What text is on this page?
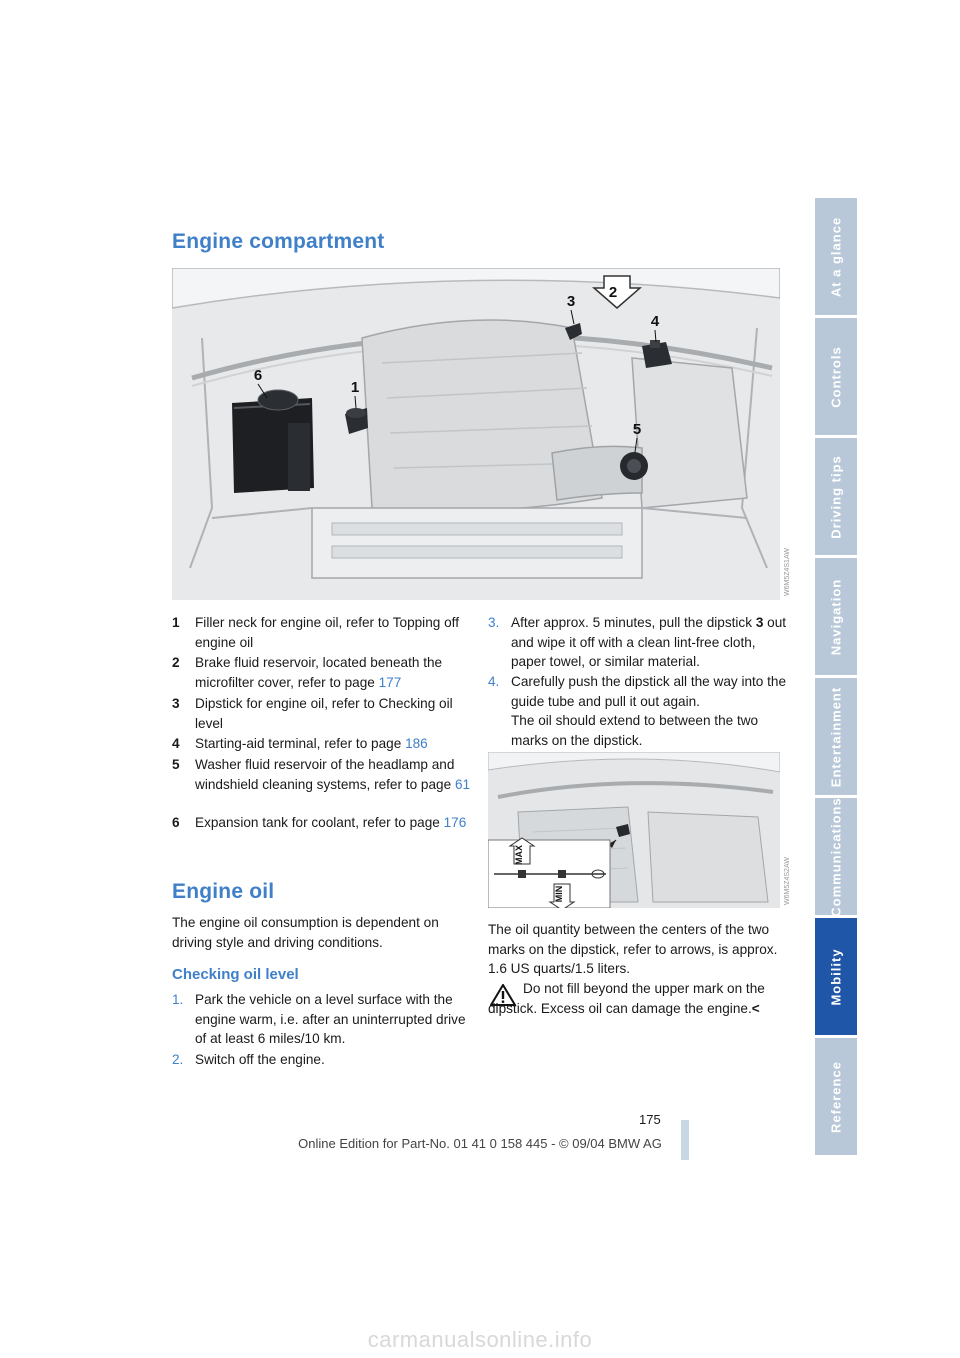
At a glance
Controls
Driving tips
Navigation
Entertainment
Communications
Mobility
Reference
Engine compartment
2
3
4
1
6
5
W6M5Z4S1AW
1 Filler neck for engine oil, refer to Topping off engine oil
2 Brake fluid reservoir, located beneath the microfilter cover, refer to page 177
3 Dipstick for engine oil, refer to Checking oil level
4 Starting-aid terminal, refer to page 186
5 Washer fluid reservoir of the headlamp and windshield cleaning systems, refer to page 61
6 Expansion tank for coolant, refer to page 176
Engine oil

The engine oil consumption is dependent on driving style and driving conditions.

Checking oil level
1. Park the vehicle on a level surface with the engine warm, i.e. after an uninterrupted drive of at least 6 miles/10 km.
2. Switch off the engine.
3. After approx. 5 minutes, pull the dipstick 3 out and wipe it off with a clean lint-free cloth, paper towel, or similar material.
4. Carefully push the dipstick all the way into the guide tube and pull it out again.
The oil should extend to between the two marks on the dipstick.
MAX
MIN	W6M5Z4S2AW

The oil quantity between the centers of the two marks on the dipstick, refer to arrows, is approx. 1.6 US quarts/1.5 liters.

Do not fill beyond the upper mark on the dipstick. Excess oil can damage the engine.<

175
Online Edition for Part-No. 01 41 0 158 445 - © 09/04 BMW AG
carmanualsonline.info
